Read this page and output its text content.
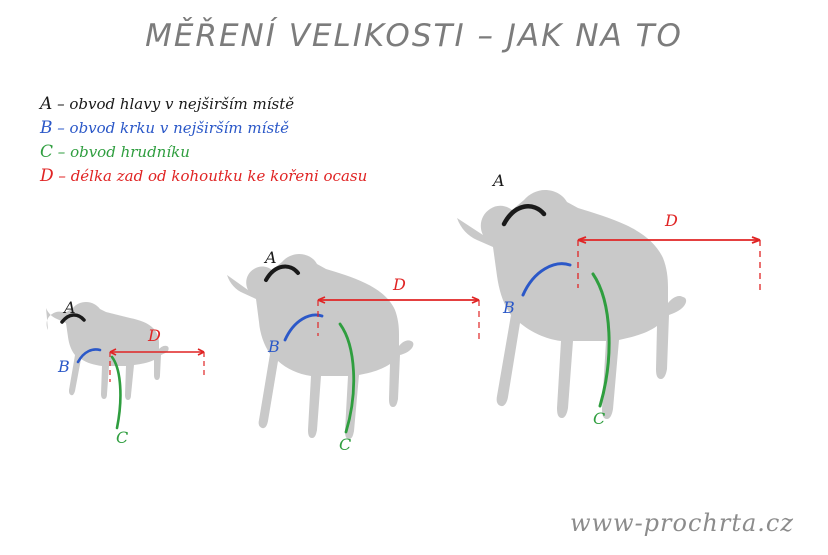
MĚŘENÍ VELIKOSTI – JAK NA TO
A – obvod hlavy v nejširším místě
B – obvod krku v nejširším místě
C – obvod hrudníku
D – délka zad od kohoutku ke kořeni ocasu
A
B
C
D
A
B
C
D
A
B
C
D
www-prochrta.cz
